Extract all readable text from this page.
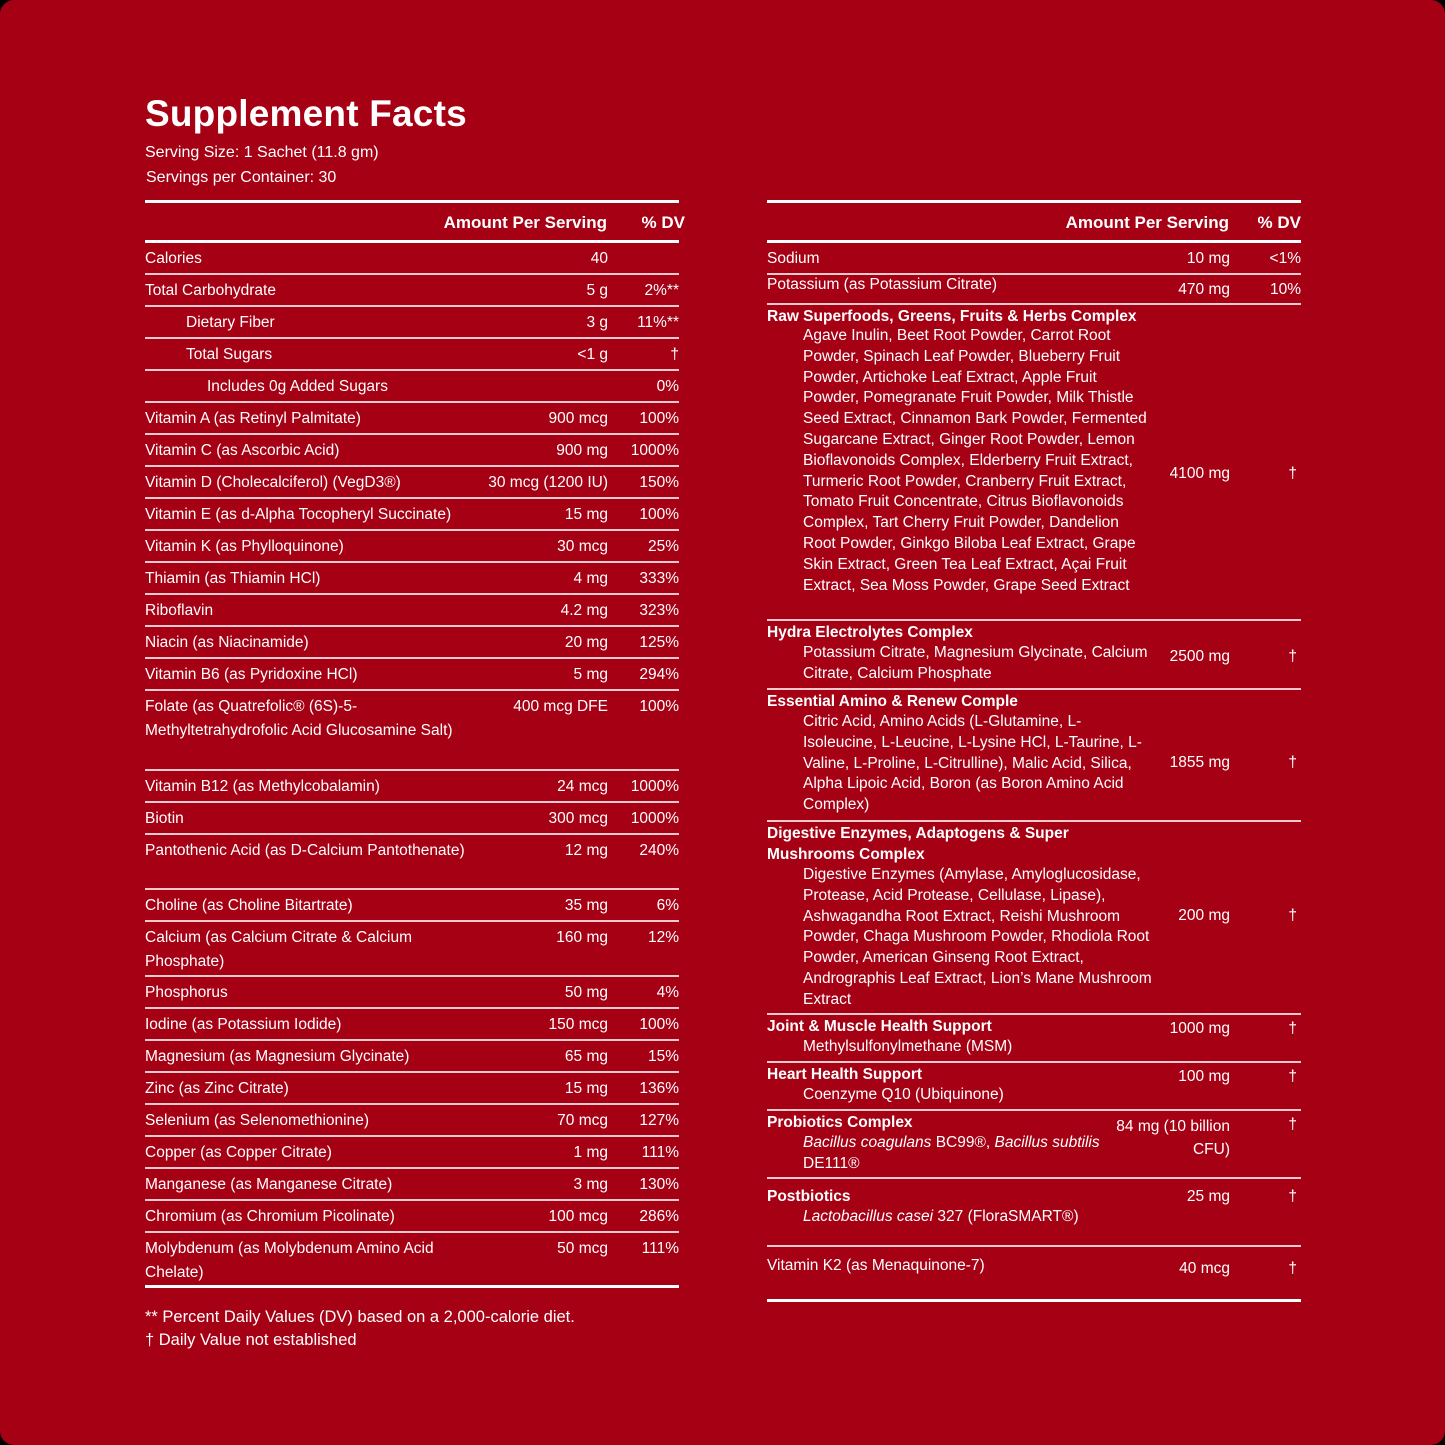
Supplement Facts
Serving Size: 1 Sachet (11.8 gm)
Servings per Container: 30
Amount Per Serving % DV
Calories	40
Total Carbohydrate	5 g 2%**
Dietary Fiber	3 g 11%**
Total Sugars	<1 g	†
Includes 0g Added Sugars	0%
Vitamin A (as Retinyl Palmitate)	900 mcg 100%
Vitamin C (as Ascorbic Acid)	900 mg 1000%
Vitamin D (Cholecalciferol) (VegD3®)	30 mcg (1200 IU) 150%
Vitamin E (as d-Alpha Tocopheryl Succinate)	15 mg 100%
Vitamin K (as Phylloquinone)	30 mcg	25%
Thiamin (as Thiamin HCl)	4 mg 333%
Riboflavin	4.2 mg 323%
Niacin (as Niacinamide)	20 mg 125%
Vitamin B6 (as Pyridoxine HCl)	5 mg 294%
Folate (as Quatrefolic® (6S)-5-Methyltetrahydrofolic Acid Glucosamine Salt)
400 mcg DFE 100%
Vitamin B12 (as Methylcobalamin)	24 mcg 1000%
Biotin	300 mcg 1000%
Pantothenic Acid (as D-Calcium Pantothenate)	12 mg 240%
Choline (as Choline Bitartrate)	35 mg	6%
Calcium (as Calcium Citrate & Calcium Phosphate)
160 mg	12%
Phosphorus	50 mg	4%
Iodine (as Potassium Iodide)	150 mcg 100%
Magnesium (as Magnesium Glycinate)	65 mg	15%
Zinc (as Zinc Citrate)	15 mg 136%
Selenium (as Selenomethionine)	70 mcg 127%
Copper (as Copper Citrate)	1 mg 111%
Manganese (as Manganese Citrate)	3 mg 130%
Chromium (as Chromium Picolinate)	100 mcg 286%
Molybdenum (as Molybdenum Amino Acid Chelate)
50 mcg 111%
Amount Per Serving % DV
Sodium	10 mg	<1%
Potassium (as Potassium Citrate)	470 mg	10%
Raw Superfoods, Greens, Fruits & Herbs Complex
Agave Inulin, Beet Root Powder, Carrot Root Powder, Spinach Leaf Powder, Blueberry Fruit Powder, Artichoke Leaf Extract, Apple Fruit Powder, Pomegranate Fruit Powder, Milk Thistle Seed Extract, Cinnamon Bark Powder, Fermented Sugarcane Extract, Ginger Root Powder, Lemon Bioflavonoids Complex, Elderberry Fruit Extract, Turmeric Root Powder, Cranberry Fruit Extract, Tomato Fruit Concentrate, Citrus Bioflavonoids Complex, Tart Cherry Fruit Powder, Dandelion Root Powder, Ginkgo Biloba Leaf Extract, Grape Skin Extract, Green Tea Leaf Extract, Açai Fruit Extract, Sea Moss Powder, Grape Seed Extract
4100 mg	†
Hydra Electrolytes Complex
Potassium Citrate, Magnesium Glycinate, Calcium Citrate, Calcium Phosphate
2500 mg	†
Essential Amino & Renew Comple
Citric Acid, Amino Acids (L-Glutamine, L-Isoleucine, L-Leucine, L-Lysine HCl, L-Taurine, L-Valine, L-Proline, L-Citrulline), Malic Acid, Silica, Alpha Lipoic Acid, Boron (as Boron Amino Acid Complex)
1855 mg	†
Digestive Enzymes, Adaptogens & Super Mushrooms Complex
Digestive Enzymes (Amylase, Amyloglucosidase, Protease, Acid Protease, Cellulase, Lipase), Ashwagandha Root Extract, Reishi Mushroom Powder, Chaga Mushroom Powder, Rhodiola Root Powder, American Ginseng Root Extract, Andrographis Leaf Extract, Lion’s Mane Mushroom Extract
200 mg	†
Joint & Muscle Health Support
Methylsulfonylmethane (MSM)
1000 mg	†
Heart Health Support
Coenzyme Q10 (Ubiquinone)
100 mg	†
Probiotics Complex
Bacillus coagulans BC99®, Bacillus subtilis DE111®
84 mg (10 billion CFU)
†
Postbiotics
Lactobacillus casei 327 (FloraSMART®)
25 mg	†
Vitamin K2 (as Menaquinone-7)	40 mcg	†
** Percent Daily Values (DV) based on a 2,000-calorie diet.
† Daily Value not established
